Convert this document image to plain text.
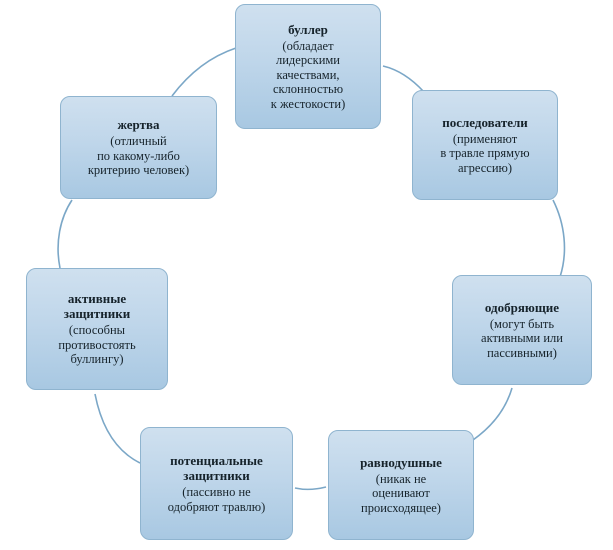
буллер
(обладает
лидерскими
качествами,
склонностью
к жестокости)
последователи
(применяют
в травле прямую
агрессию)
одобряющие
(могут быть
активными или
пассивными)
равнодушные
(никак не
оценивают
происходящее)
потенциальные
защитники
(пассивно не
одобряют травлю)
активные
защитники
(способны
противостоять
буллингу)
жертва
(отличный
по какому-либо
критерию человек)
